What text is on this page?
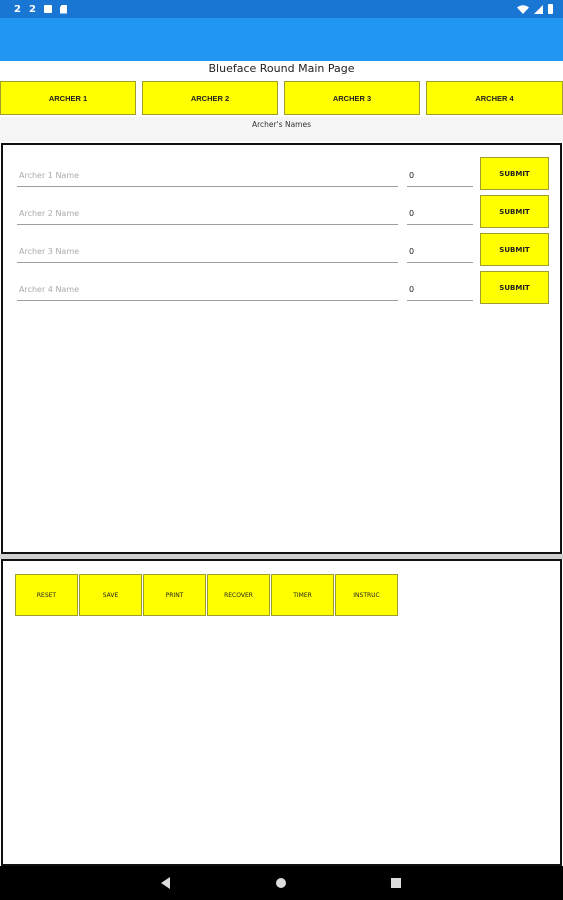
2 2
Blueface Round Main Page
ARCHER 1	ARCHER 2	ARCHER 3	ARCHER 4
Archer's Names
Archer 1 Name
0
SUBMIT
Archer 2 Name
0
SUBMIT
Archer 3 Name
0
SUBMIT
Archer 4 Name
0
SUBMIT
RESET	SAVE	PRINT	RECOVER	TIMER	INSTRUC
